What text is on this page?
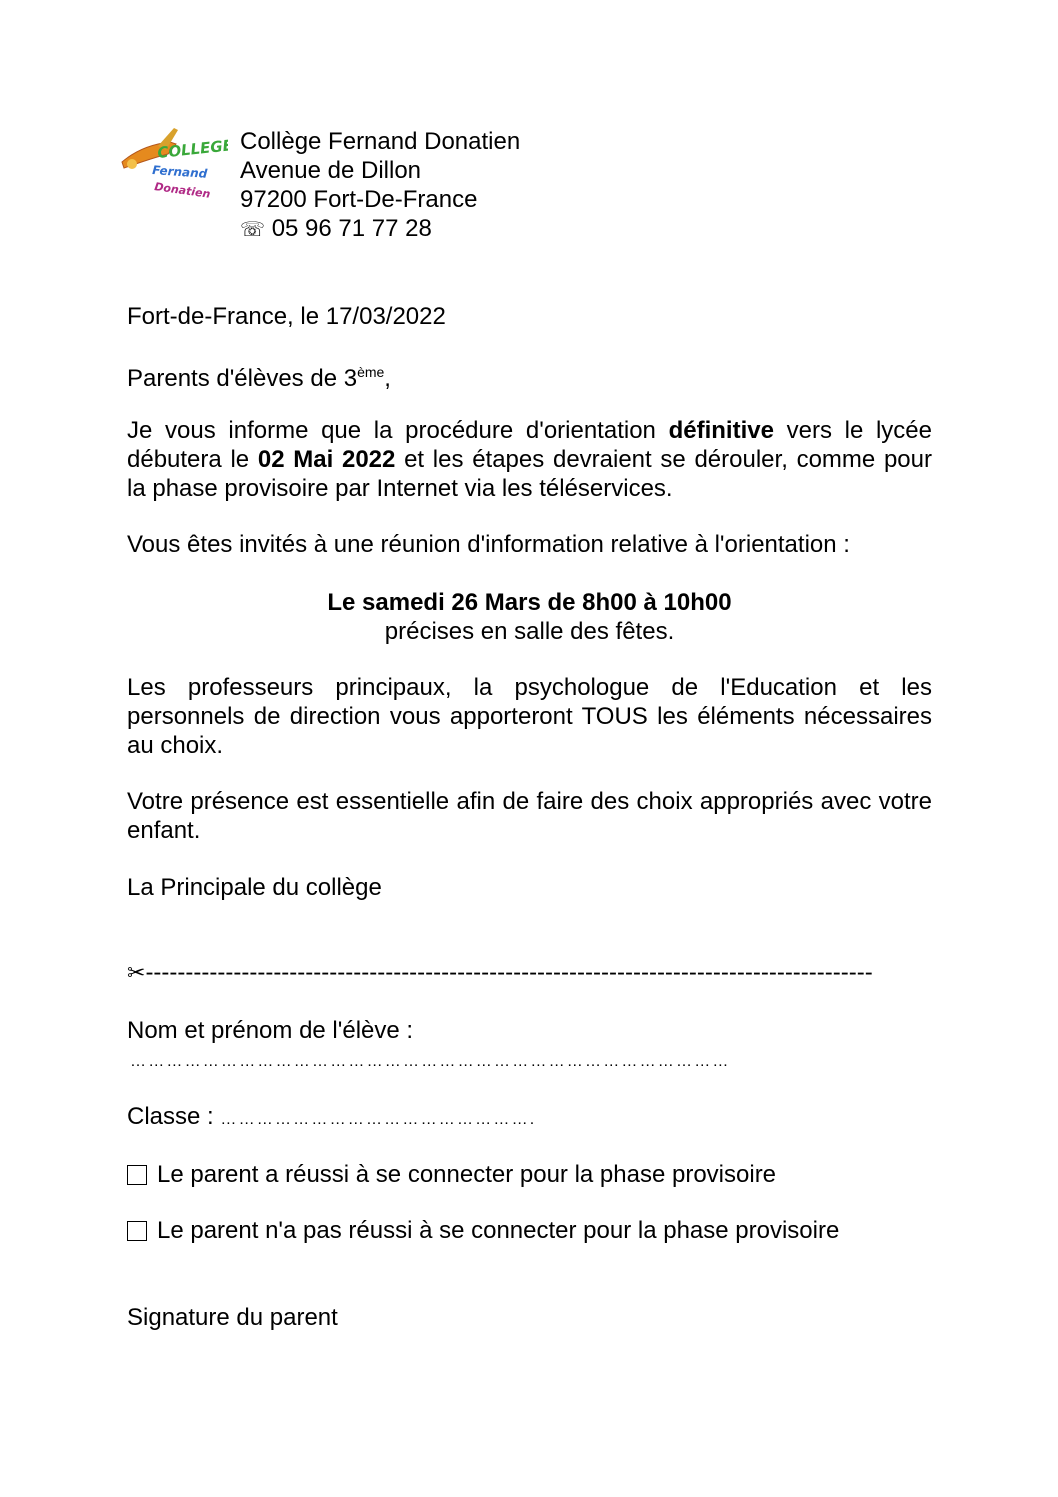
COLLEGE
Fernand
Donatien
Collège Fernand Donatien
Avenue de Dillon
97200 Fort-De-France
☏ 05 96 71 77 28
Fort-de-France, le 17/03/2022
Parents d'élèves de 3ème,
Je vous informe que la procédure d'orientation définitive vers le lycée débutera le 02 Mai 2022 et les étapes devraient se dérouler, comme pour la phase provisoire par Internet via les téléservices.
Vous êtes invités à une réunion d'information relative à l'orientation :
Le samedi 26 Mars de 8h00 à 10h00
précises en salle des fêtes.
Les professeurs principaux, la psychologue de l'Education et les personnels de direction vous apporteront TOUS les éléments nécessaires au choix.
Votre présence est essentielle afin de faire des choix appropriés avec votre enfant.
La Principale du collège
✂-------------------------------------------------------------------------------------------
Nom et prénom de l'élève :
………………………………………………………………………………………
Classe : …………………………………………….
Le parent a réussi à se connecter pour la phase provisoire
Le parent n'a pas réussi à se connecter pour la phase provisoire
Signature du parent
